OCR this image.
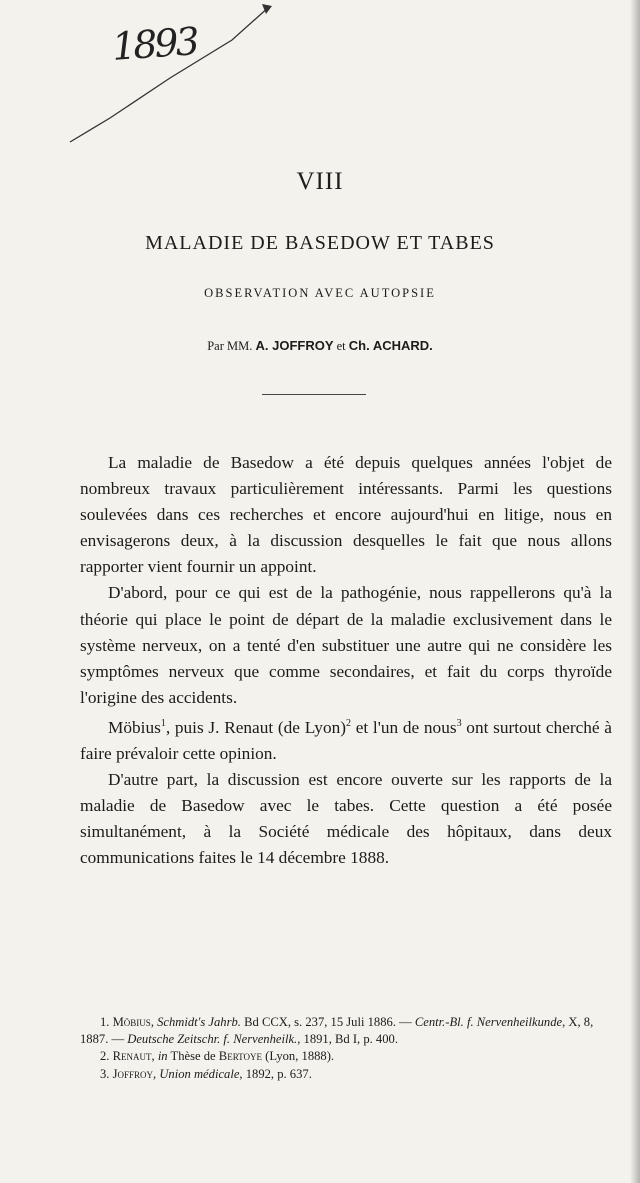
1893
VIII
MALADIE DE BASEDOW ET TABES
OBSERVATION AVEC AUTOPSIE
Par MM. A. JOFFROY et Ch. ACHARD.

La maladie de Basedow a été depuis quelques années l'objet de nombreux travaux particulièrement intéressants. Parmi les questions soulevées dans ces recherches et encore aujourd'hui en litige, nous en envisagerons deux, à la discussion desquelles le fait que nous allons rapporter vient fournir un appoint.

D'abord, pour ce qui est de la pathogénie, nous rappellerons qu'à la théorie qui place le point de départ de la maladie exclusivement dans le système nerveux, on a tenté d'en substituer une autre qui ne considère les symptômes nerveux que comme secondaires, et fait du corps thyroïde l'origine des accidents.

Möbius$^1$, puis J. Renaut (de Lyon)$^2$ et l'un de nous$^3$ ont surtout cherché à faire prévaloir cette opinion.

D'autre part, la discussion est encore ouverte sur les rapports de la maladie de Basedow avec le tabes. Cette question a été posée simultanément, à la Société médicale des hôpitaux, dans deux communications faites le 14 décembre 1888.

1. Möbius, Schmidt's Jahrb. Bd CCX, s. 237, 15 Juli 1886. — Centr.-Bl. f. Nervenheilkunde, X, 8, 1887. — Deutsche Zeitschr. f. Nervenheilk., 1891, Bd I, p. 400.

2. Renaut, in Thèse de Bertoye (Lyon, 1888).

3. Joffroy, Union médicale, 1892, p. 637.
